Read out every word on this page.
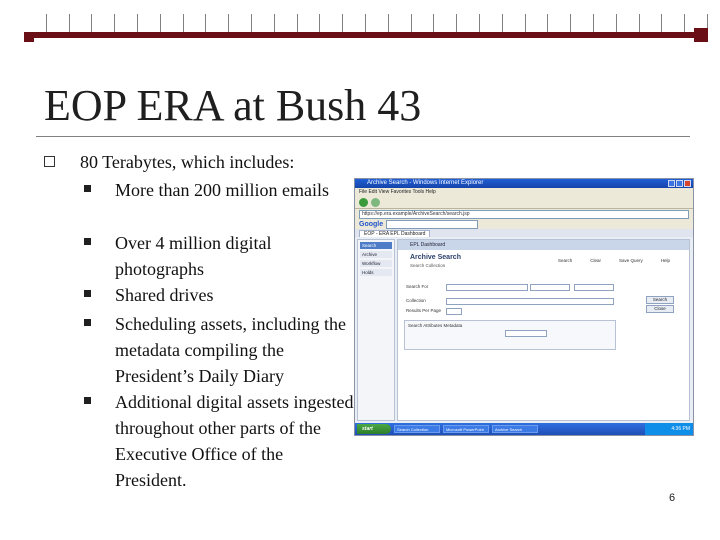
EOP ERA at Bush 43
80 Terabytes, which includes:
More than 200 million emails
Over 4 million digital photographs
Shared drives
Scheduling assets, including the metadata compiling the President’s Daily Diary
Additional digital assets ingested throughout other parts of the Executive Office of the President.
Archive Search - Windows Internet Explorer
File Edit View Favorites Tools Help
https://ep.era.example/ArchiveSearch/search.jsp
Google
EOP - ERA EPL Dashboard
Search
Archive
Workflow
Holds
EPL Dashboard
Archive Search
Search Collection
Search	Clear	Save Query	Help
Search For
Collection
Results Per Page
Search
Close
Search Attributes Metadata
start	Search Collection	Microsoft PowerPoint	Archive Search	4:36 PM
6
